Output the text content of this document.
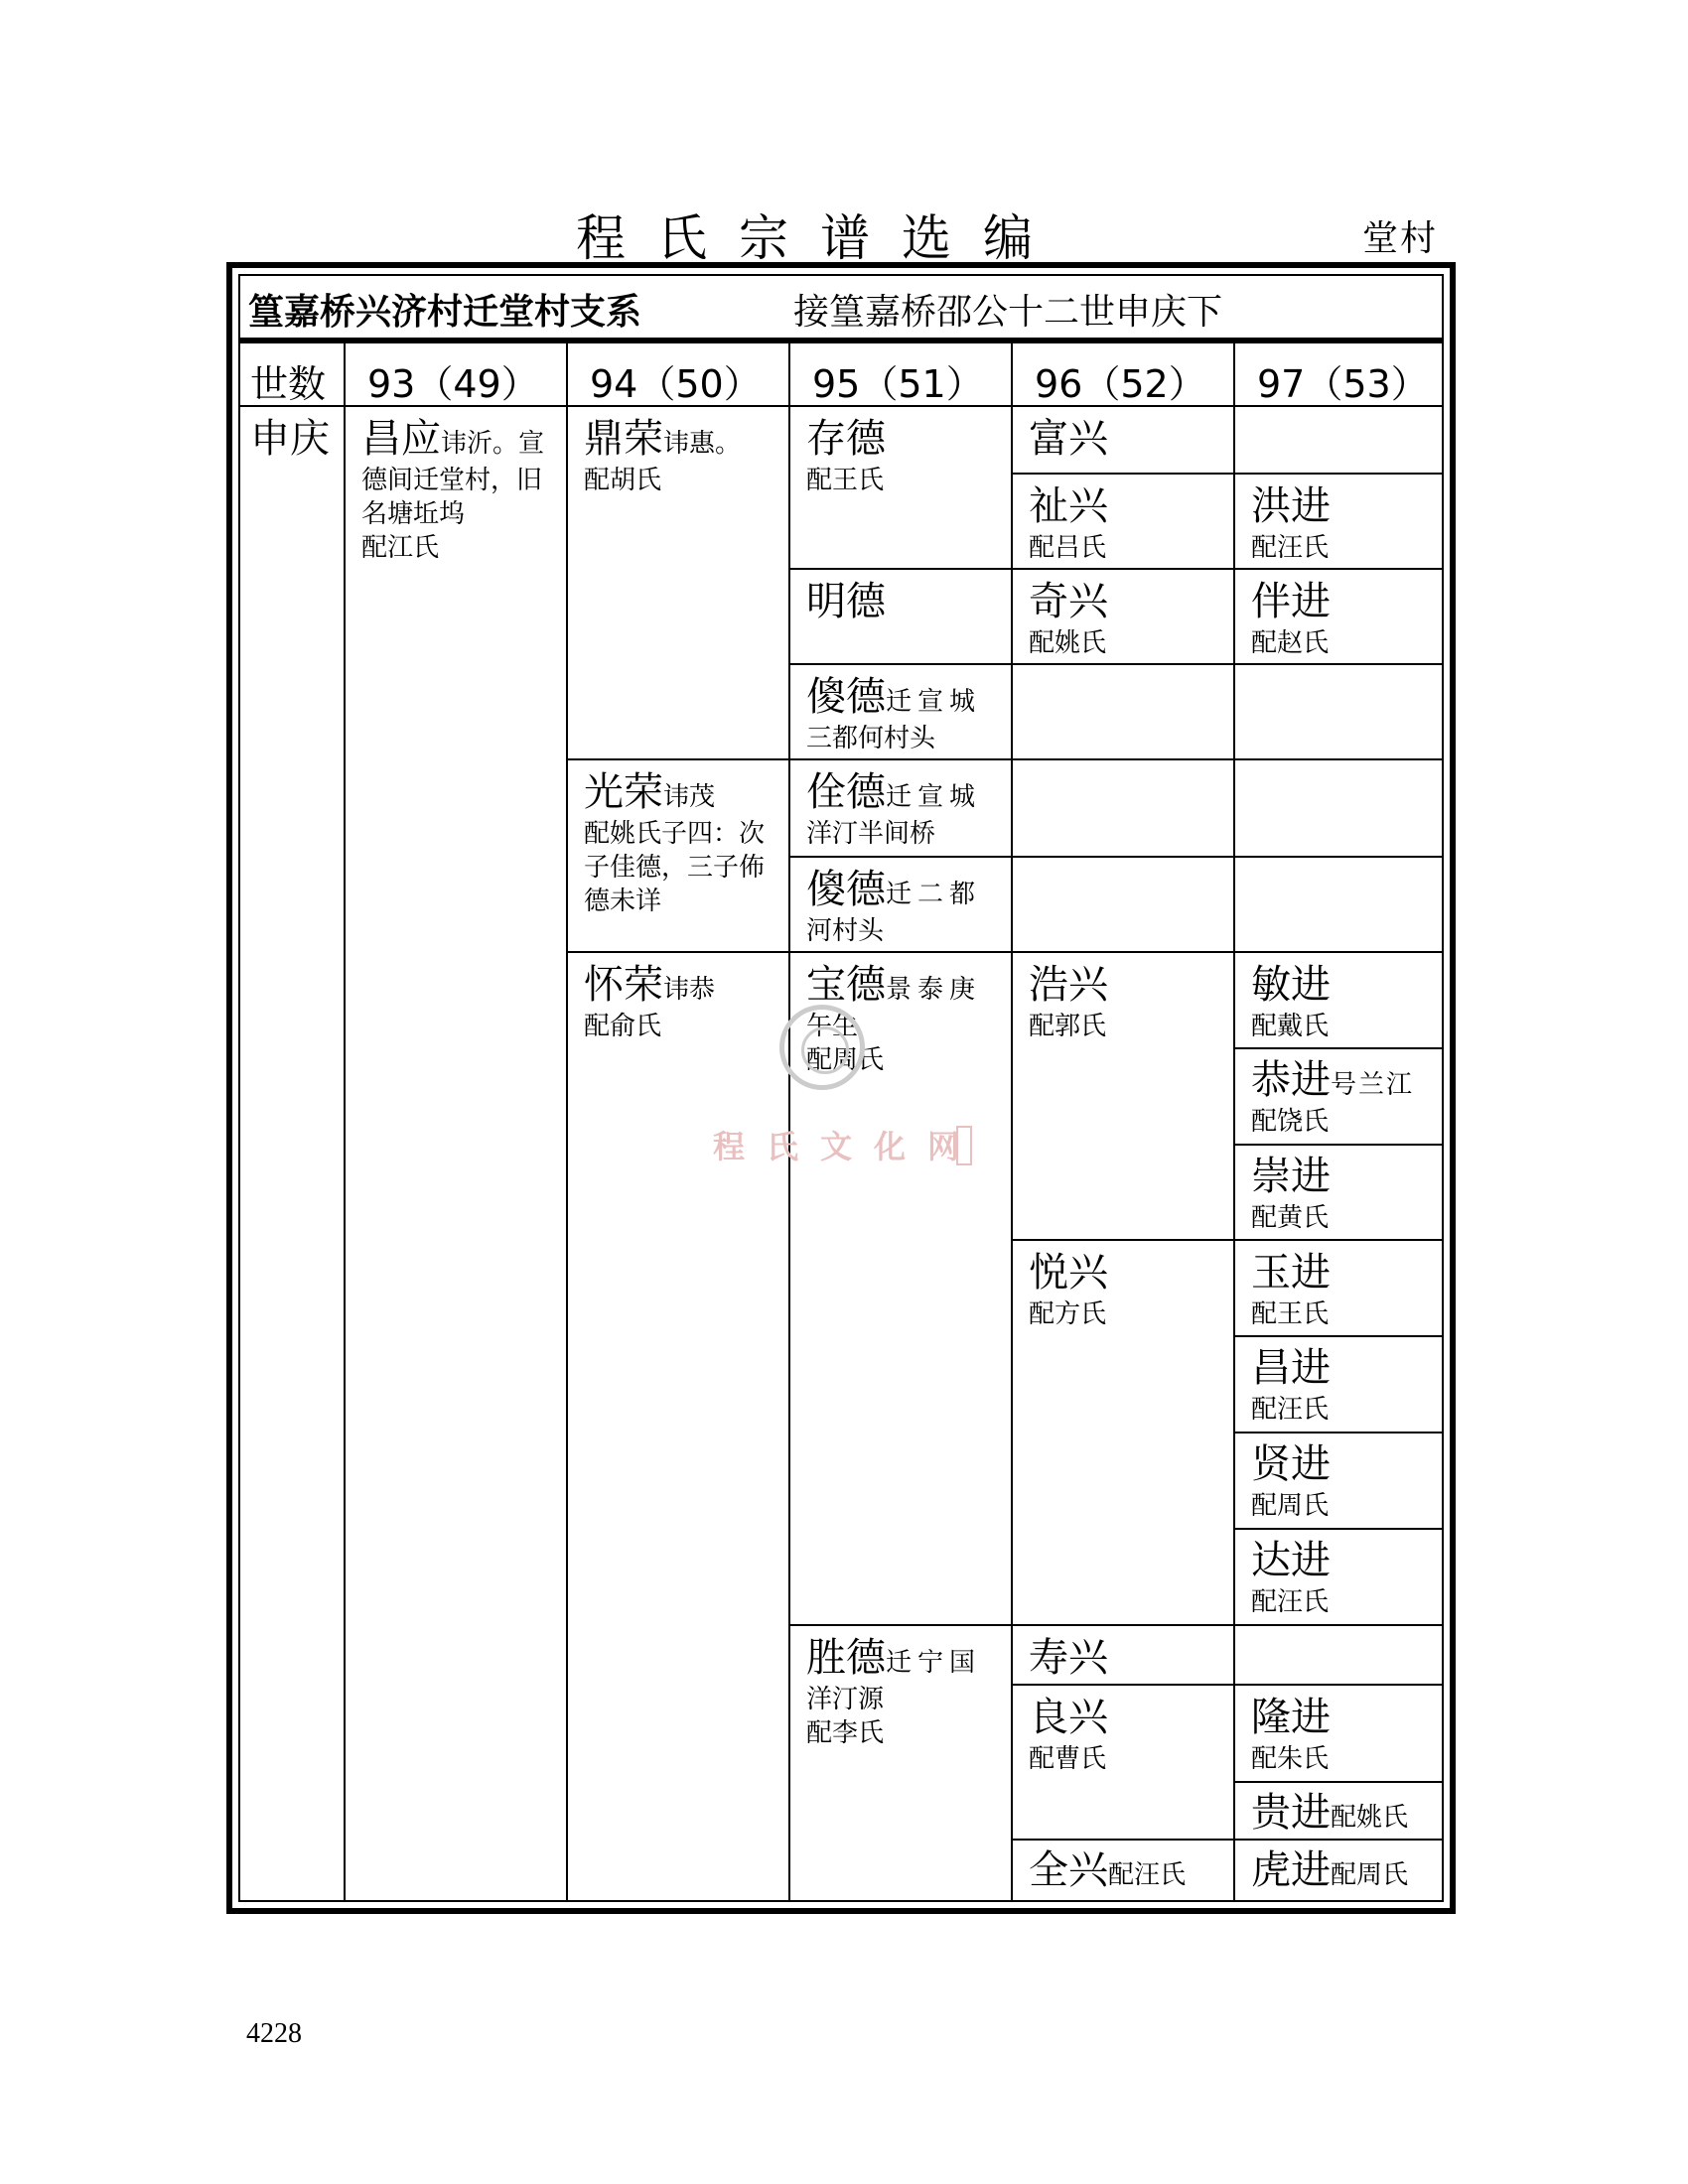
程氏宗谱选编	堂村
4228
篁嘉桥兴济村迁堂村支系	接篁嘉桥邵公十二世申庆下
世数 93（49） 94（50） 95（51） 96（52） 97（53）
申庆 昌应讳沂。宣
德间迁堂村，旧
名塘坵坞
配江氏
鼎荣讳惠。
配胡氏
光荣讳茂
配姚氏子四：次
子佳德，三子佈
德未详
怀荣讳恭
配俞氏
存德
配王氏
明德
傻德迁宣城
三都何村头
佺德迁宣城
洋汀半间桥
傻德迁二都
河村头
宝德景泰庚
午生
配周氏
胜德迁宁国
洋汀源
配李氏
富兴
祉兴
配吕氏
奇兴
配姚氏
浩兴
配郭氏
悦兴
配方氏
寿兴
良兴
配曹氏
全兴配汪氏
洪进
配汪氏
伴进
配赵氏
敏进
配戴氏
恭进号兰江
配饶氏
崇进
配黄氏
玉进
配王氏
昌进
配汪氏
贤进
配周氏
达进
配汪氏
隆进
配朱氏
贵进配姚氏
虎进配周氏
程氏文化网
